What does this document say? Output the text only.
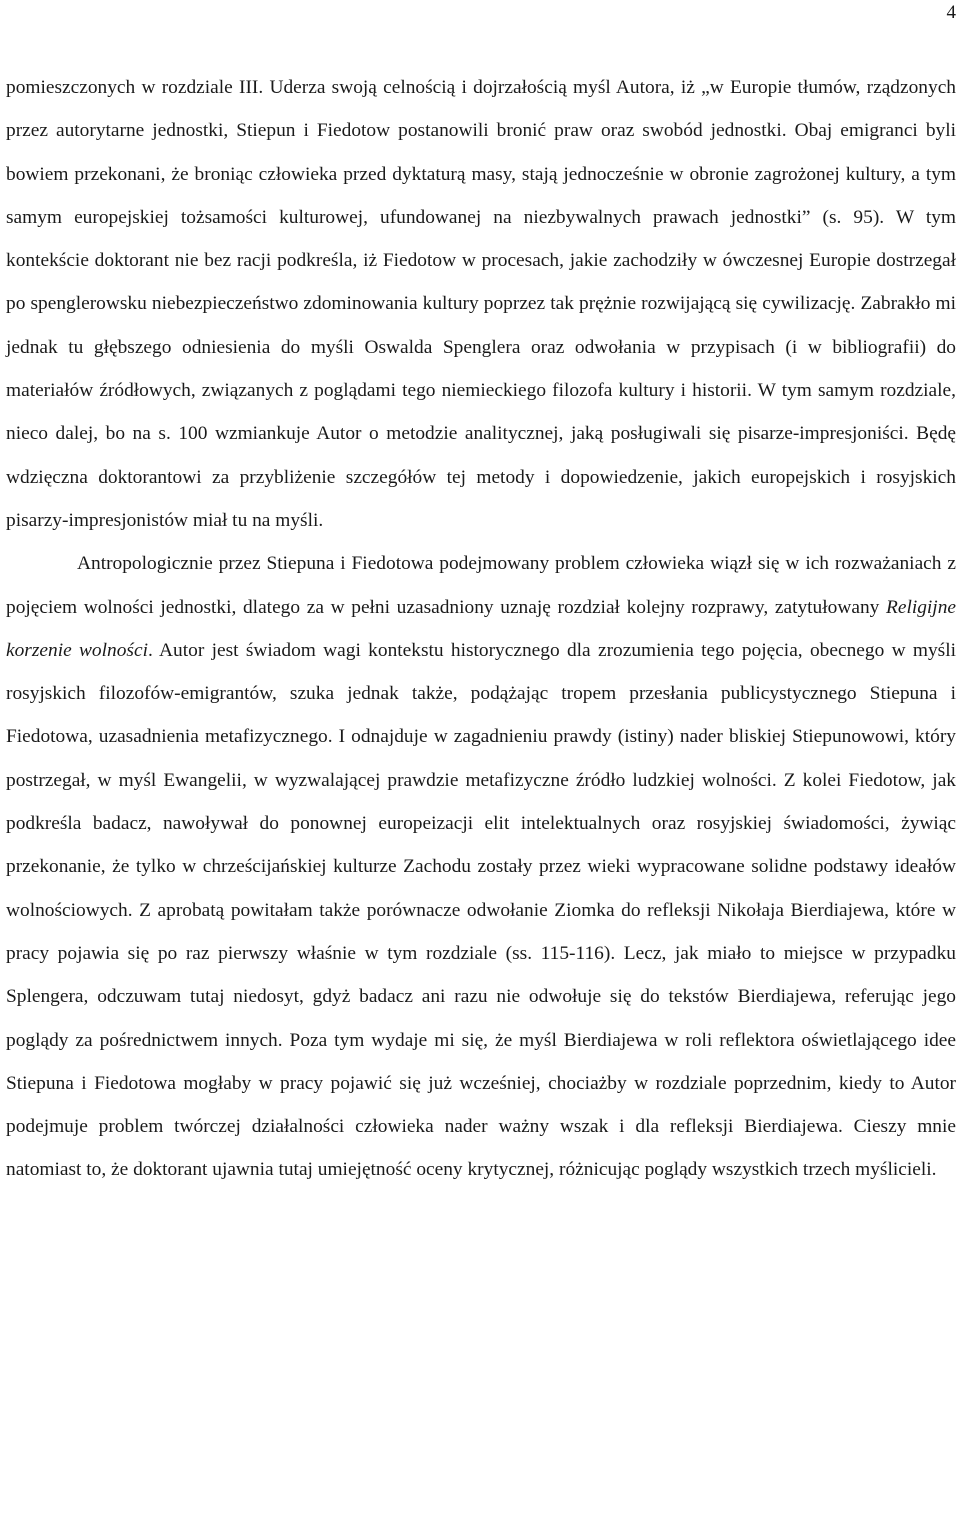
4

pomieszczonych w rozdziale III. Uderza swoją celnością i dojrzałością myśl Autora, iż „w Europie tłumów, rządzonych przez autorytarne jednostki, Stiepun i Fiedotow postanowili bronić praw oraz swobód jednostki. Obaj emigranci byli bowiem przekonani, że broniąc człowieka przed dyktaturą masy, stają jednocześnie w obronie zagrożonej kultury, a tym samym europejskiej tożsamości kulturowej, ufundowanej na niezbywalnych prawach jednostki” (s. 95). W tym kontekście doktorant nie bez racji podkreśla, iż Fiedotow w procesach, jakie zachodziły w ówczesnej Europie dostrzegał po spenglerowsku niebezpieczeństwo zdominowania kultury poprzez tak prężnie rozwijającą się cywilizację. Zabrakło mi jednak tu głębszego odniesienia do myśli Oswalda Spenglera oraz odwołania w przypisach (i w bibliografii) do materiałów źródłowych, związanych z poglądami tego niemieckiego filozofa kultury i historii. W tym samym rozdziale, nieco dalej, bo na s. 100 wzmiankuje Autor o metodzie analitycznej, jaką posługiwali się pisarze-impresjoniści. Będę wdzięczna doktorantowi za przybliżenie szczegółów tej metody i dopowiedzenie, jakich europejskich i rosyjskich pisarzy-impresjonistów miał tu na myśli.

Antropologicznie przez Stiepuna i Fiedotowa podejmowany problem człowieka wiązł się w ich rozważaniach z pojęciem wolności jednostki, dlatego za w pełni uzasadniony uznaję rozdział kolejny rozprawy, zatytułowany Religijne korzenie wolności. Autor jest świadom wagi kontekstu historycznego dla zrozumienia tego pojęcia, obecnego w myśli rosyjskich filozofów-emigrantów, szuka jednak także, podążając tropem przesłania publicystycznego Stiepuna i Fiedotowa, uzasadnienia metafizycznego. I odnajduje w zagadnieniu prawdy (istiny) nader bliskiej Stiepunowowi, który postrzegał, w myśl Ewangelii, w wyzwalającej prawdzie metafizyczne źródło ludzkiej wolności. Z kolei Fiedotow, jak podkreśla badacz, nawoływał do ponownej europeizacji elit intelektualnych oraz rosyjskiej świadomości, żywiąc przekonanie, że tylko w chrześcijańskiej kulturze Zachodu zostały przez wieki wypracowane solidne podstawy ideałów wolnościowych. Z aprobatą powitałam także porównacze odwołanie Ziomka do refleksji Nikołaja Bierdiajewa, które w pracy pojawia się po raz pierwszy właśnie w tym rozdziale (ss. 115-116). Lecz, jak miało to miejsce w przypadku Splengera, odczuwam tutaj niedosyt, gdyż badacz ani razu nie odwołuje się do tekstów Bierdiajewa, referując jego poglądy za pośrednictwem innych. Poza tym wydaje mi się, że myśl Bierdiajewa w roli reflektora oświetlającego idee Stiepuna i Fiedotowa mogłaby w pracy pojawić się już wcześniej, chociażby w rozdziale poprzednim, kiedy to Autor podejmuje problem twórczej działalności człowieka nader ważny wszak i dla refleksji Bierdiajewa. Cieszy mnie natomiast to, że doktorant ujawnia tutaj umiejętność oceny krytycznej, różnicując poglądy wszystkich trzech myślicieli.
